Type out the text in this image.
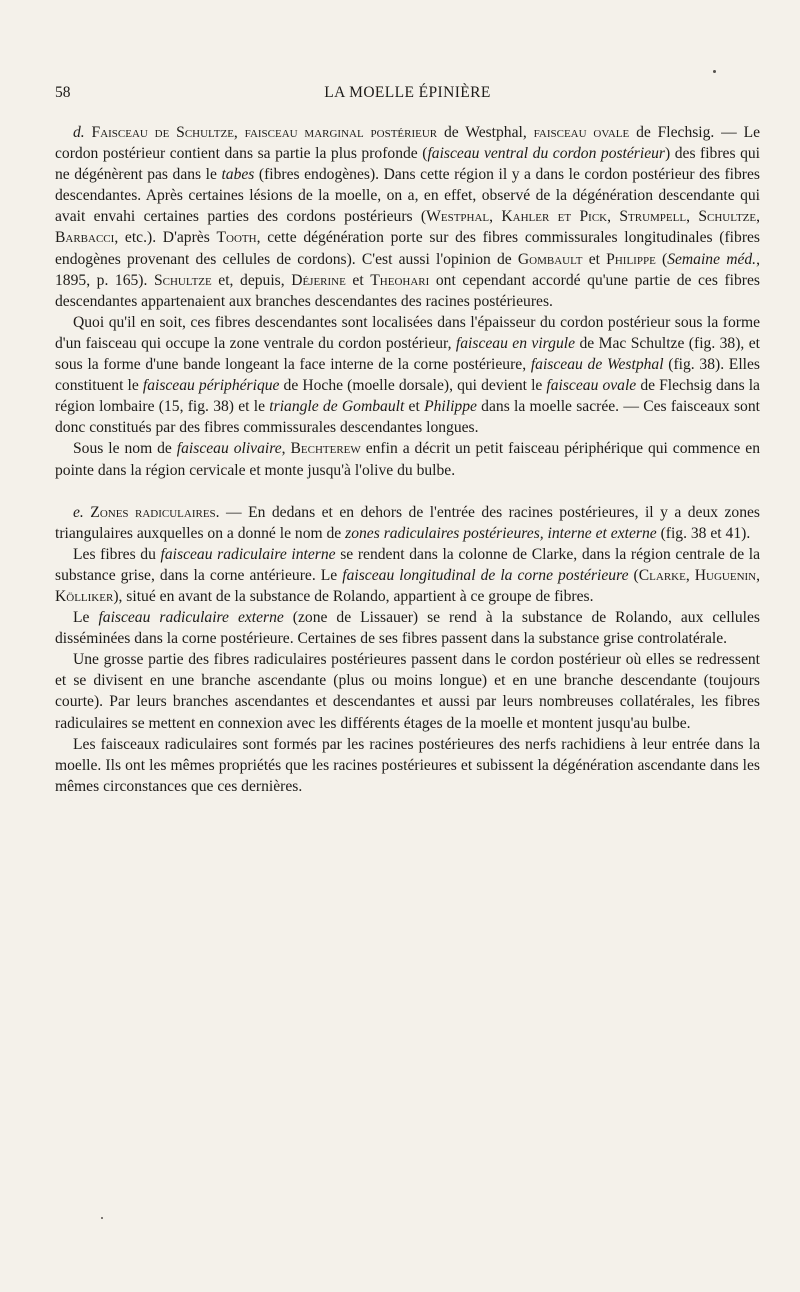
58	LA MOELLE ÉPINIÈRE

d. Faisceau de Schultze, faisceau marginal postérieur de Westphal, faisceau ovale de Flechsig. — Le cordon postérieur contient dans sa partie la plus profonde (faisceau ventral du cordon postérieur) des fibres qui ne dégénèrent pas dans le tabes (fibres endogènes). Dans cette région il y a dans le cordon postérieur des fibres descendantes. Après certaines lésions de la moelle, on a, en effet, observé de la dégénération descendante qui avait envahi certaines parties des cordons postérieurs (Westphal, Kahler et Pick, Strumpell, Schultze, Barbacci, etc.). D'après Tooth, cette dégénération porte sur des fibres commissurales longitudinales (fibres endogènes provenant des cellules de cordons). C'est aussi l'opinion de Gombault et Philippe (Semaine méd., 1895, p. 165). Schultze et, depuis, Déjerine et Theohari ont cependant accordé qu'une partie de ces fibres descendantes appartenaient aux branches descendantes des racines postérieures.

Quoi qu'il en soit, ces fibres descendantes sont localisées dans l'épaisseur du cordon postérieur sous la forme d'un faisceau qui occupe la zone ventrale du cordon postérieur, faisceau en virgule de Mac Schultze (fig. 38), et sous la forme d'une bande longeant la face interne de la corne postérieure, faisceau de Westphal (fig. 38). Elles constituent le faisceau périphérique de Hoche (moelle dorsale), qui devient le faisceau ovale de Flechsig dans la région lombaire (15, fig. 38) et le triangle de Gombault et Philippe dans la moelle sacrée. — Ces faisceaux sont donc constitués par des fibres commissurales descendantes longues.

Sous le nom de faisceau olivaire, Bechterew enfin a décrit un petit faisceau périphérique qui commence en pointe dans la région cervicale et monte jusqu'à l'olive du bulbe.

e. Zones radiculaires. — En dedans et en dehors de l'entrée des racines postérieures, il y a deux zones triangulaires auxquelles on a donné le nom de zones radiculaires postérieures, interne et externe (fig. 38 et 41).

Les fibres du faisceau radiculaire interne se rendent dans la colonne de Clarke, dans la région centrale de la substance grise, dans la corne antérieure. Le faisceau longitudinal de la corne postérieure (Clarke, Huguenin, Kölliker), situé en avant de la substance de Rolando, appartient à ce groupe de fibres.

Le faisceau radiculaire externe (zone de Lissauer) se rend à la substance de Rolando, aux cellules disséminées dans la corne postérieure. Certaines de ses fibres passent dans la substance grise controlatérale.

Une grosse partie des fibres radiculaires postérieures passent dans le cordon postérieur où elles se redressent et se divisent en une branche ascendante (plus ou moins longue) et en une branche descendante (toujours courte). Par leurs branches ascendantes et descendantes et aussi par leurs nombreuses collatérales, les fibres radiculaires se mettent en connexion avec les différents étages de la moelle et montent jusqu'au bulbe.

Les faisceaux radiculaires sont formés par les racines postérieures des nerfs rachidiens à leur entrée dans la moelle. Ils ont les mêmes propriétés que les racines postérieures et subissent la dégénération ascendante dans les mêmes circonstances que ces dernières.
